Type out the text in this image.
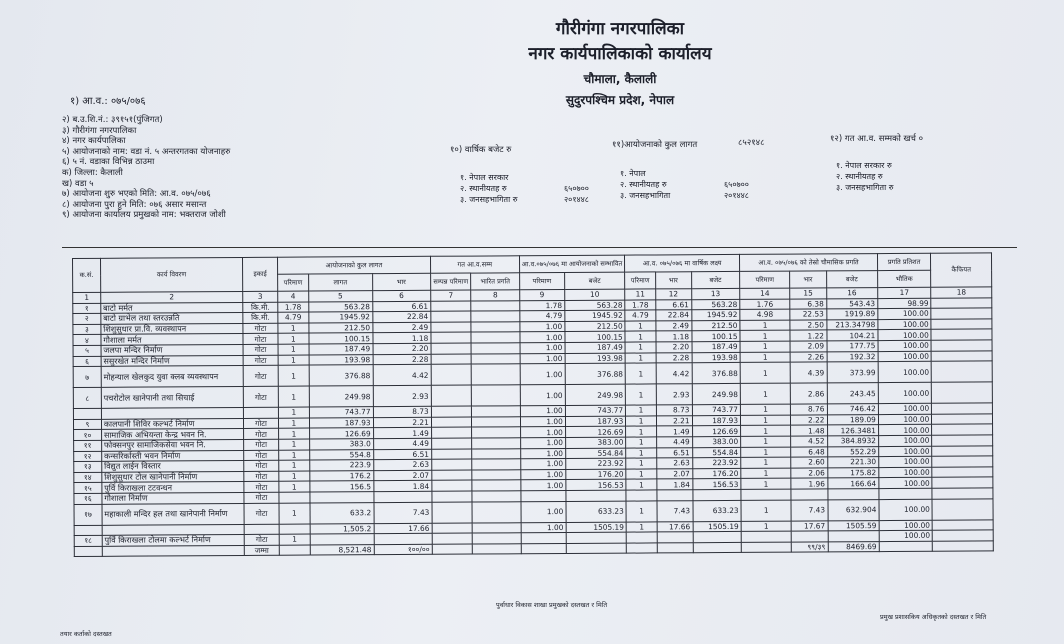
गौरीगंगा नगरपालिका
नगर कार्यपालिकाको कार्यालय
चौमाला, कैलाली
सुदुरपश्चिम प्रदेश, नेपाल
१) आ.व.: ०७५/०७६
२) ब.उ.शि.नं.: ३९१५१(पुंजिगत)
३) गौरीगंगा नगरपालिका
४) नगर कार्यपालिका
५) आयोजनाको नाम: वडा नं. ५ अन्तरगतका योजनाहरु
६) ५ नं. वडाका विभिन्न ठाउमा
क) जिल्ला: कैलाली
ख) वडा ५
७) आयोजना शुरु भएको मिति: आ.व. ०७५/०७६
८) आयोजना पुरा हुने मिति: ०७६ असार मसान्त
९) आयोजना कार्यालय प्रमुखको नाम: भक्तराज जोशी
१०) वार्षिक बजेट रु	११)आयोजनाको कुल लागत	८५२१४८	१२) गत आ.व. सम्मको खर्च ०
१. नेपाल सरकार
२. स्थानीयतह रु	६५०७००
३. जनसहभागिता रु	२०१४४८
१. नेपाल
२. स्थानीयतह रु	६५०७००
३. जनसहभागिता	२०१४४८
१. नेपाल सरकार रु
२. स्थानीयतह रु
३. जनसहभागिता रु
क.सं.	कार्य विवरण	इकाई	आयोजनाको कुल लागत			गत आ.व.सम्म		आ.व.०७५/०७६ मा आयोजनाको सम्भावित		आ.व. ०७५/०७६ मा वार्षिक लक्ष्य			आ.व. ०७५/०७६ को तेस्रो चौमासिक प्रगति			प्रगति प्रतिशत	कैफियत
			परिमाण	लागत	भार	सम्पन्न परिमाण	भारित प्रगति	परिमाण	बजेट	परिमाण	भार	बजेट	परिमाण	भार	बजेट	भौतिक	
1	2	3	4	5	6	7	8	9	10	11	12	13	14	15	16	17	18
१	बाटो मर्मत	कि.मी.	1.78	563.28	6.61			1.78	563.28	1.78	6.61	563.28	1.76	6.38	543.43	98.99	
२	बाटो ग्राभेल तथा स्तरउन्नति	कि.मी.	4.79	1945.92	22.84			4.79	1945.92	4.79	22.84	1945.92	4.98	22.53	1919.89	100.00	
३	शिशुसुधार प्रा.वि. व्यवस्थापन	गोटा	1	212.50	2.49			1.00	212.50	1	2.49	212.50	1	2.50	213.34798	100.00	
४	गौशाला मर्मत	गोटा	1	100.15	1.18			1.00	100.15	1	1.18	100.15	1	1.22	104.21	100.00	
५	जलपा मन्दिर निर्माण	गोटा	1	187.49	2.20			1.00	187.49	1	2.20	187.49	1	2.09	177.75	100.00	
६	ससुरखेत मन्दिर निर्माण	गोटा	1	193.98	2.28			1.00	193.98	1	2.28	193.98	1	2.26	192.32	100.00	
७	मोहन्याल खेलकुद युवा क्लब व्यवस्थापन	गोटा	1	376.88	4.42			1.00	376.88	1	4.42	376.88	1	4.39	373.99	100.00	
८	पचरोटोल खानेपानी तथा सिचाई	गोटा	1	249.98	2.93			1.00	249.98	1	2.93	249.98	1	2.86	243.45	100.00	
			1	743.77	8.73			1.00	743.77	1	8.73	743.77	1	8.76	746.42	100.00	
९	कालपानी शिविर कल्भर्ट निर्माण	गोटा	1	187.93	2.21			1.00	187.93	1	2.21	187.93	1	2.22	189.09	100.00	
१०	सामाजिक अभियन्ता केन्द्र भवन नि.	गोटा	1	126.69	1.49			1.00	126.69	1	1.49	126.69	1	1.48	126.3481	100.00	
११	फोक्सनपुर सामाजिकसेवा भवन नि.	गोटा	1	383.0	4.49			1.00	383.00	1	4.49	383.00	1	4.52	384.8932	100.00	
१२	कन्सरिर्कास्ती भवन निर्माण	गोटा	1	554.8	6.51			1.00	554.84	1	6.51	554.84	1	6.48	552.29	100.00	
१३	विद्युत लाईन विस्तार	गोटा	1	223.9	2.63			1.00	223.92	1	2.63	223.92	1	2.60	221.30	100.00	
१४	शिशुसुधार टोल खानेपानी निर्माण	गोटा	1	176.2	2.07			1.00	176.20	1	2.07	176.20	1	2.06	175.82	100.00	
१५	पुर्वि किराखला टटवन्धन	गोटा	1	156.5	1.84			1.00	156.53	1	1.84	156.53	1	1.96	166.64	100.00	
१६	गौशाला निर्माण	गोटा															
१७	महाकाली मन्दिर हल तथा खानेपानी निर्माण	गोटा	1	633.2	7.43			1.00	633.23	1	7.43	633.23	1	7.43	632.904	100.00	
				1,505.2	17.66			1.00	1505.19	1	17.66	1505.19	1	17.67	1505.59	100.00	
१८	पुर्वि किराखला टोलमा कल्भर्ट निर्माण	गोटा	1													100.00	
		जम्मा		8,521.48	१००/००									९९/३९	8469.69		
तयार कर्ताको दस्तखत
पुर्वाधार विकास शाखा प्रमुखको दस्तखत र मिति
प्रमुख प्रशासकिय अधिकृतको दस्तखत र मिति
